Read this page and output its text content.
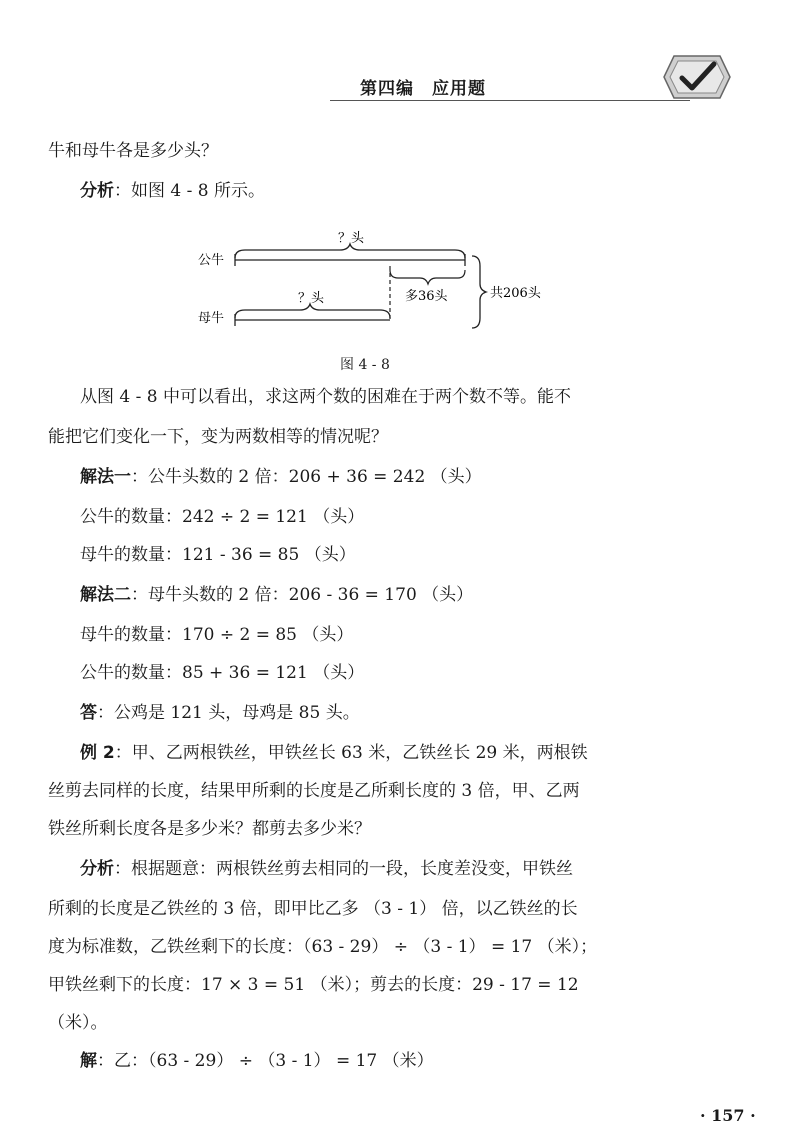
第四编　应用题
牛和母牛各是多少头？
分析：如图 4 - 8 所示。
？头
公牛
多36头
？头
母牛
共206头
图 4 - 8
从图 4 - 8 中可以看出，求这两个数的困难在于两个数不等。能不
能把它们变化一下，变为两数相等的情况呢？
解法一：公牛头数的 2 倍：206 + 36 = 242 （头）
公牛的数量：242 ÷ 2 = 121 （头）
母牛的数量：121 - 36 = 85 （头）
解法二：母牛头数的 2 倍：206 - 36 = 170 （头）
母牛的数量：170 ÷ 2 = 85 （头）
公牛的数量：85 + 36 = 121 （头）
答：公鸡是 121 头，母鸡是 85 头。
例 2：甲、乙两根铁丝，甲铁丝长 63 米，乙铁丝长 29 米，两根铁
丝剪去同样的长度，结果甲所剩的长度是乙所剩长度的 3 倍，甲、乙两
铁丝所剩长度各是多少米？都剪去多少米？
分析：根据题意：两根铁丝剪去相同的一段，长度差没变，甲铁丝
所剩的长度是乙铁丝的 3 倍，即甲比乙多 （3 - 1） 倍，以乙铁丝的长
度为标准数，乙铁丝剩下的长度：（63 - 29） ÷ （3 - 1） = 17 （米）；
甲铁丝剩下的长度：17 × 3 = 51 （米）；剪去的长度：29 - 17 = 12
（米）。
解：乙：（63 - 29） ÷ （3 - 1） = 17 （米）
· 157 ·
